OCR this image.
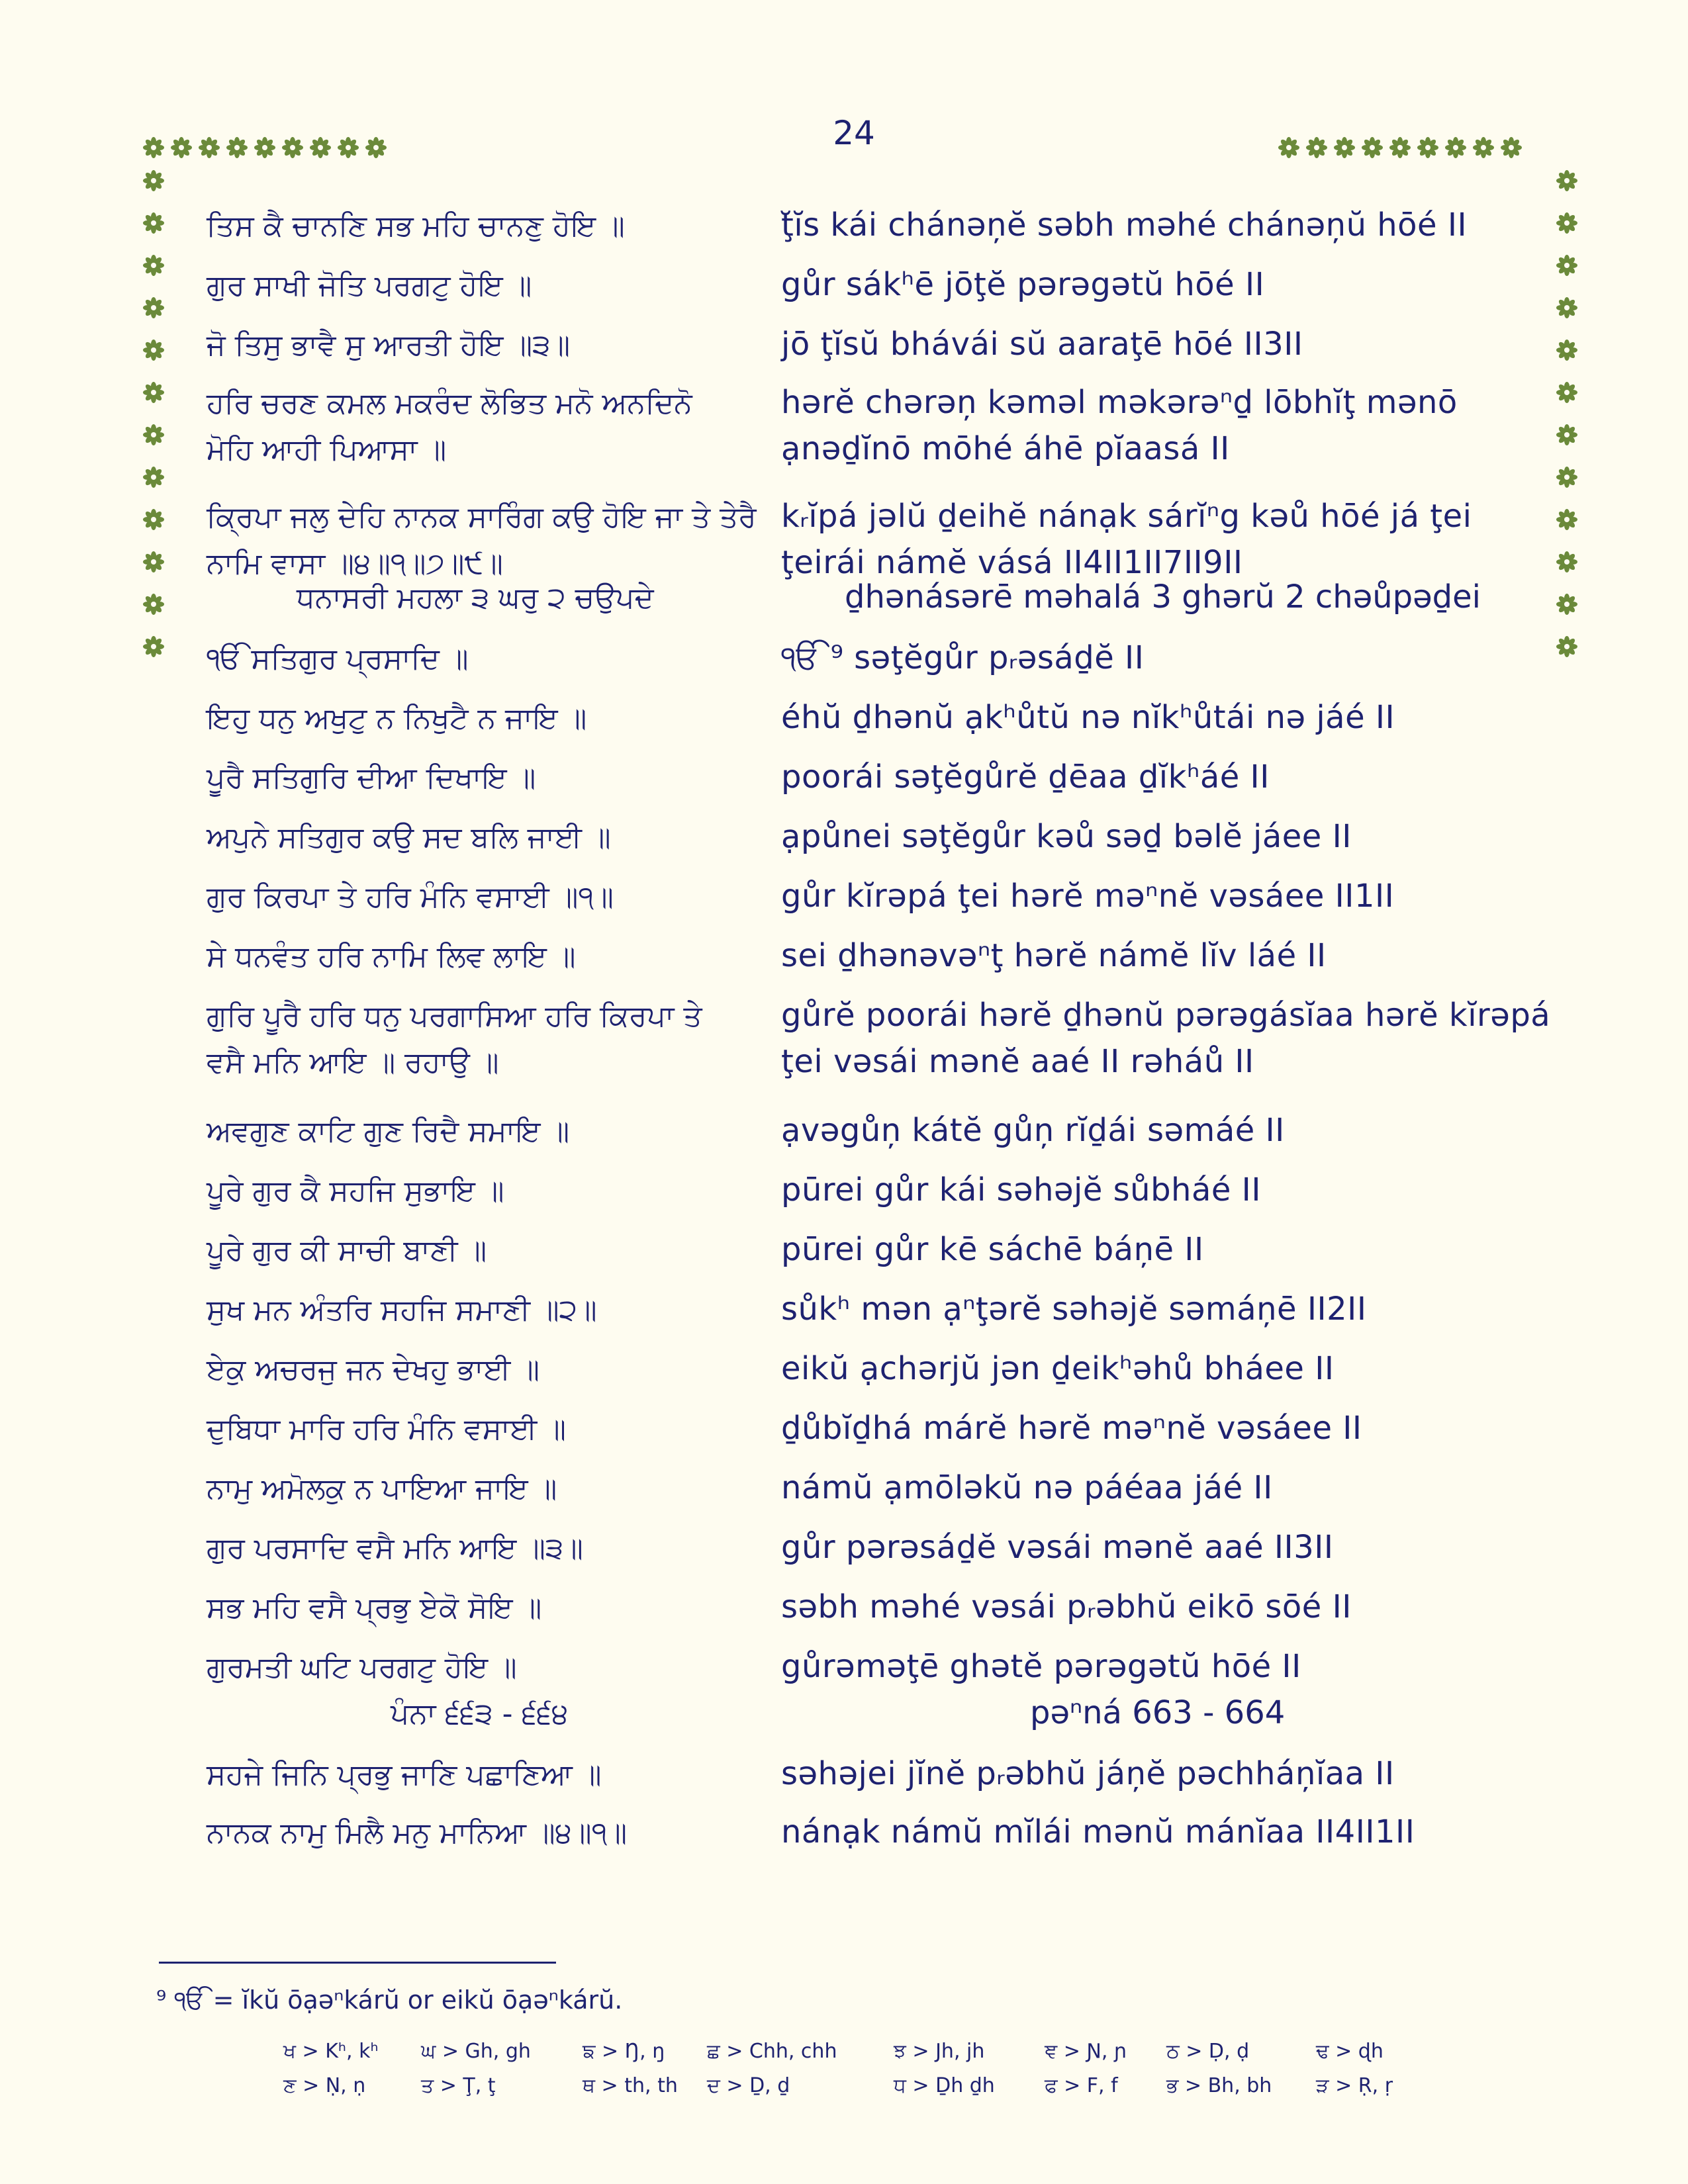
24
ਤਿਸ ਕੈ ਚਾਨਣਿ ਸਭ ਮਹਿ ਚਾਨਣੁ ਹੋਇ ॥	ţ̆ĭs kái chánəņĕ səbh məhé chánəņŭ hōé II
ਗੁਰ ਸਾਖੀ ਜੋਤਿ ਪਰਗਟੁ ਹੋਇ ॥	gůr sákʰē jōţĕ pərəgətŭ hōé II
ਜੋ ਤਿਸੁ ਭਾਵੈ ਸੁ ਆਰਤੀ ਹੋਇ ॥੩॥	jō ţĭsŭ bhávái sŭ aaraţē hōé II3II
ਹਰਿ ਚਰਣ ਕਮਲ ਮਕਰੰਦ ਲੋਭਿਤ ਮਨੋ ਅਨਦਿਨੋ	hərĕ chərəņ kəməl məkərəⁿḏ lōbhĭţ mənō
ਮੋਹਿ ਆਹੀ ਪਿਆਸਾ ॥	ạnəḏĭnō mōhé áhē pĭaasá II
ਕ੍ਰਿਪਾ ਜਲੁ ਦੇਹਿ ਨਾਨਕ ਸਾਰਿੰਗ ਕਉ ਹੋਇ ਜਾ ਤੇ ਤੇਰੈ kᵣĭpá jəlŭ ḏeihĕ nánạk sárĭⁿg kəů hōé já ţei
ਨਾਮਿ ਵਾਸਾ ॥੪॥੧॥੭॥੯॥	ţeirái námĕ vásá II4II1II7II9II
ੴ ਸਤਿਗੁਰ ਪ੍ਰਸਾਦਿ ॥	ੴ ⁹ səţĕgůr pᵣəsáḏĕ II
ਇਹੁ ਧਨੁ ਅਖੁਟੁ ਨ ਨਿਖੁਟੈ ਨ ਜਾਇ ॥	éhŭ ḏhənŭ ạkʰůtŭ nə nĭkʰůtái nə jáé II
ਪੂਰੈ ਸਤਿਗੁਰਿ ਦੀਆ ਦਿਖਾਇ ॥	poorái səţĕgůrĕ ḏēaa ḏĭkʰáé II
ਅਪੁਨੇ ਸਤਿਗੁਰ ਕਉ ਸਦ ਬਲਿ ਜਾਈ ॥	ạpůnei səţĕgůr kəů səḏ bəlĕ jáee II
ਗੁਰ ਕਿਰਪਾ ਤੇ ਹਰਿ ਮੰਨਿ ਵਸਾਈ ॥੧॥	gůr kĭrəpá ţei hərĕ məⁿnĕ vəsáee II1II
ਸੇ ਧਨਵੰਤ ਹਰਿ ਨਾਮਿ ਲਿਵ ਲਾਇ ॥	sei ḏhənəvəⁿţ hərĕ námĕ lĭv láé II
ਗੁਰਿ ਪੂਰੈ ਹਰਿ ਧਨੁ ਪਰਗਾਸਿਆ ਹਰਿ ਕਿਰਪਾ ਤੇ gůrĕ poorái hərĕ ḏhənŭ pərəgásĭaa hərĕ kĭrəpá
ਵਸੈ ਮਨਿ ਆਇ ॥ ਰਹਾਉ ॥	ţei vəsái mənĕ aaé II rəháů II
ਅਵਗੁਣ ਕਾਟਿ ਗੁਣ ਰਿਦੈ ਸਮਾਇ ॥	ạvəgůņ kátĕ gůņ rĭḏái səmáé II
ਪੂਰੇ ਗੁਰ ਕੈ ਸਹਜਿ ਸੁਭਾਇ ॥	pūrei gůr kái səhəjĕ sůbháé II
ਪੂਰੇ ਗੁਰ ਕੀ ਸਾਚੀ ਬਾਣੀ ॥	pūrei gůr kē sáchē báņē II
ਸੁਖ ਮਨ ਅੰਤਰਿ ਸਹਜਿ ਸਮਾਣੀ ॥੨॥	sůkʰ mən ạⁿţərĕ səhəjĕ səmáņē II2II
ਏਕੁ ਅਚਰਜੁ ਜਨ ਦੇਖਹੁ ਭਾਈ ॥	eikŭ ạchərjŭ jən ḏeikʰəhů bháee II
ਦੁਬਿਧਾ ਮਾਰਿ ਹਰਿ ਮੰਨਿ ਵਸਾਈ ॥	ḏůbĭḏhá márĕ hərĕ məⁿnĕ vəsáee II
ਨਾਮੁ ਅਮੋਲਕੁ ਨ ਪਾਇਆ ਜਾਇ ॥	námŭ ạmōləkŭ nə páéaa jáé II
ਗੁਰ ਪਰਸਾਦਿ ਵਸੈ ਮਨਿ ਆਇ ॥੩॥	gůr pərəsáḏĕ vəsái mənĕ aaé II3II
ਸਭ ਮਹਿ ਵਸੈ ਪ੍ਰਭੁ ਏਕੋ ਸੋਇ ॥	səbh məhé vəsái pᵣəbhŭ eikō sōé II
ਗੁਰਮਤੀ ਘਟਿ ਪਰਗਟੁ ਹੋਇ ॥	gůrəməţē ghətĕ pərəgətŭ hōé II
ਸਹਜੇ ਜਿਨਿ ਪ੍ਰਭੁ ਜਾਣਿ ਪਛਾਣਿਆ ॥	səhəjei jĭnĕ pᵣəbhŭ jáņĕ pəchháņĭaa II
ਨਾਨਕ ਨਾਮੁ ਮਿਲੈ ਮਨੁ ਮਾਨਿਆ ॥੪॥੧॥	nánạk námŭ mĭlái mənŭ mánĭaa II4II1II
ਧਨਾਸਰੀ ਮਹਲਾ ੩ ਘਰੁ ੨ ਚਉਪਦੇ	ḏhənásərē məhalá 3 ghərŭ 2 chəůpəḏei
ਪੰਨਾ ੬੬੩ - ੬੬੪	pəⁿná 663 - 664
⁹ ੴ = ĭkŭ ōạəⁿkárŭ or eikŭ ōạəⁿkárŭ.
ਖ > Kʰ, kʰ ਘ > Gh, gh	ਙ > Ŋ, ŋ ਛ > Chh, chh	ਝ > Jh, jh	ਞ > Ɲ, ɲ ਠ > Ḍ, ḍ	ਢ > ɖh
ਣ > Ṇ, ṇ	ਤ > Ţ, ţ	ਥ > th, th ਦ > Ḏ, ḏ	ਧ > Ḏh ḏh	ਫ > F, f ਭ > Bh, bh ੜ > Ṛ, ṛ
